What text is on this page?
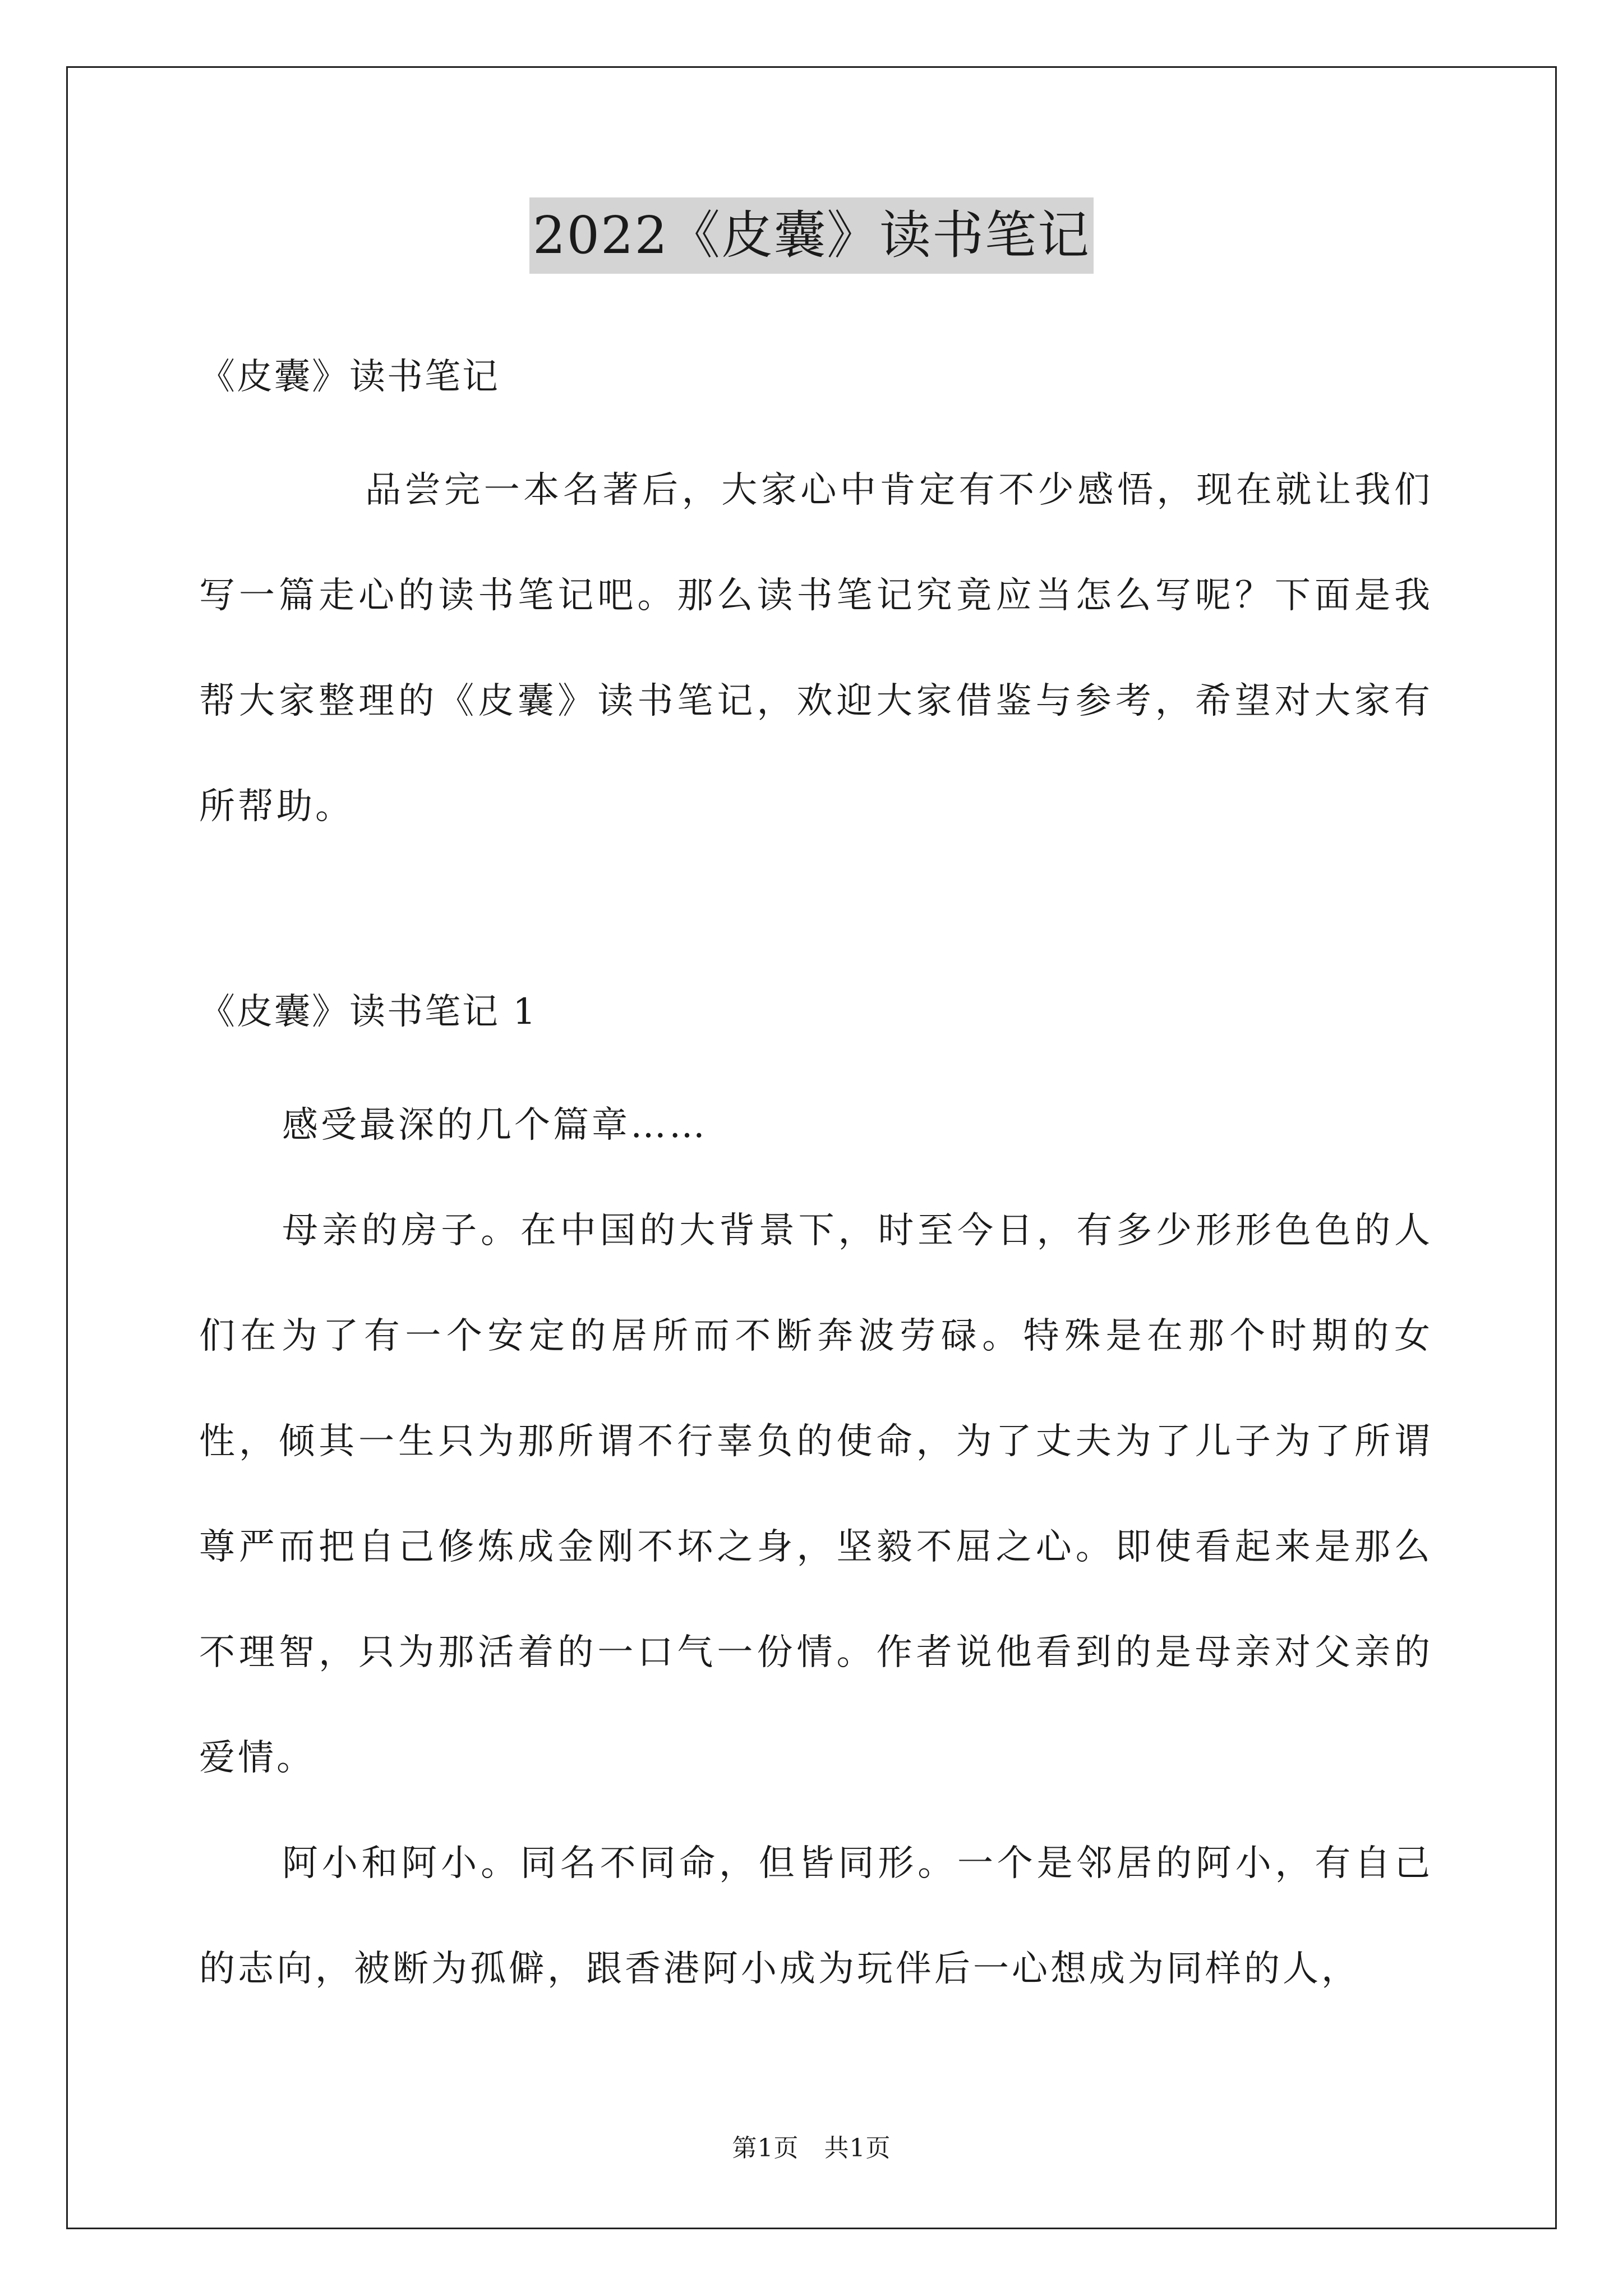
2022《皮囊》读书笔记

《皮囊》读书笔记

品尝完一本名著后，大家心中肯定有不少感悟，现在就让我们写一篇走心的读书笔记吧。那么读书笔记究竟应当怎么写呢？下面是我帮大家整理的《皮囊》读书笔记，欢迎大家借鉴与参考，希望对大家有所帮助。

《皮囊》读书笔记 1

感受最深的几个篇章……

母亲的房子。在中国的大背景下，时至今日，有多少形形色色的人们在为了有一个安定的居所而不断奔波劳碌。特殊是在那个时期的女性，倾其一生只为那所谓不行辜负的使命，为了丈夫为了儿子为了所谓尊严而把自己修炼成金刚不坏之身，坚毅不屈之心。即使看起来是那么不理智，只为那活着的一口气一份情。作者说他看到的是母亲对父亲的爱情。

阿小和阿小。同名不同命，但皆同形。一个是邻居的阿小，有自己的志向，被断为孤僻，跟香港阿小成为玩伴后一心想成为同样的人，

第1页　共1页
